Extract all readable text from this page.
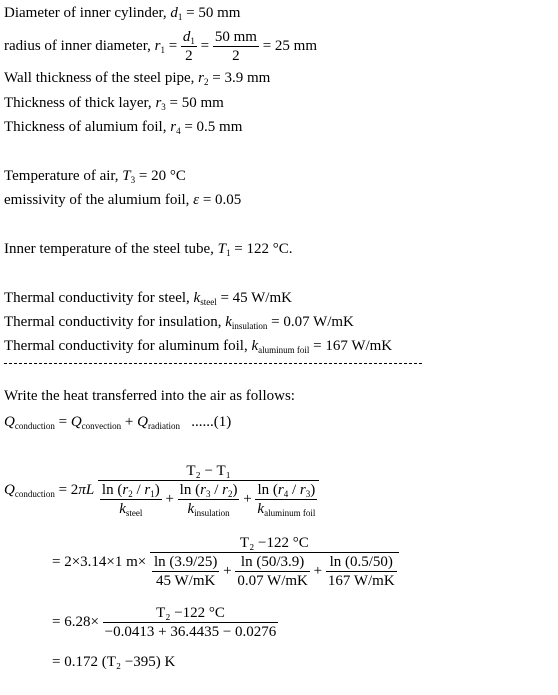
Diameter of inner cylinder, $d_1 = 50$ mm
radius of inner diameter, $r_1 = \frac{d_1}{2} = \frac{50 mm}{2} = 25$ mm
Wall thickness of the steel pipe, $r_2 = 3.9$ mm
Thickness of thick layer, $r_3 = 50$ mm
Thickness of alumium foil, $r_4 = 0.5$ mm
Temperature of air, $T_3 = 20$ °C
emissivity of the alumium foil, ε = 0.05
Inner temperature of the steel tube, $T_1 = 122$ °C.
Thermal conductivity for steel, $k_{steel} = 45$ W/mK
Thermal conductivity for insulation, $k_{insulation} = 0.07$ W/mK
Thermal conductivity for aluminum foil, $k_{aluminum foil} = 167$ W/mK
Write the heat transferred into the air as follows:
$Q_{conduction} = Q_{convection} + Q_{radiation}$ ......(1)
$Q_{conduction} = 2\pi L$
T₂ − T₁
$\frac{\ln (r_2 / r_1)}{k_{steel}} + \frac{\ln (r_3 / r_2)}{k_{insulation}} + \frac{\ln (r_4 / r_3)}{k_{aluminum foil}}$
= 2×3.14×1 m×
T₂ −122 °C
$\frac{\ln (3.9/25)}{45 W/mK} + \frac{\ln (50/3.9)}{0.07 W/mK} + \frac{\ln (0.5/50)}{167 W/mK}$
= $6.28\times \frac{\text{T₂ −122 °C}}{-0.0413 + 36.4435 - 0.0276}$
= 0.172 (T₂ −395) K
